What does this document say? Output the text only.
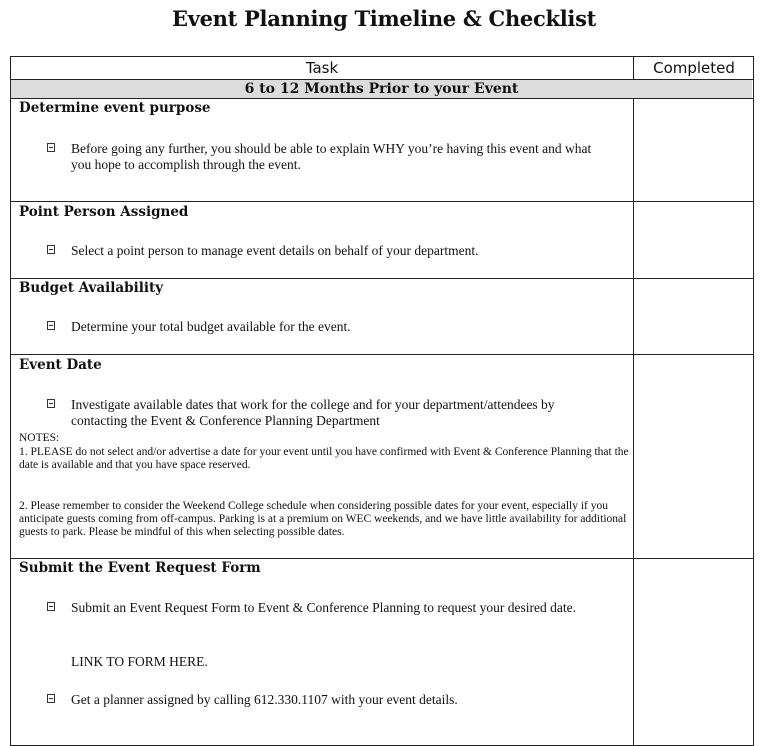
Event Planning Timeline & Checklist
Task	Completed
6 to 12 Months Prior to your Event
Determine event purpose
Before going any further, you should be able to explain WHY you’re having this event and what you hope to accomplish through the event.
Point Person Assigned
Select a point person to manage event details on behalf of your department.
Budget Availability
Determine your total budget available for the event.
Event Date
Investigate available dates that work for the college and for your department/attendees by contacting the Event & Conference Planning Department
NOTES:
1. PLEASE do not select and/or advertise a date for your event until you have confirmed with Event & Conference Planning that the date is available and that you have space reserved.
2. Please remember to consider the Weekend College schedule when considering possible dates for your event, especially if you anticipate guests coming from off-campus. Parking is at a premium on WEC weekends, and we have little availability for additional guests to park. Please be mindful of this when selecting possible dates.
Submit the Event Request Form
Submit an Event Request Form to Event & Conference Planning to request your desired date.
LINK TO FORM HERE.
Get a planner assigned by calling 612.330.1107 with your event details.
